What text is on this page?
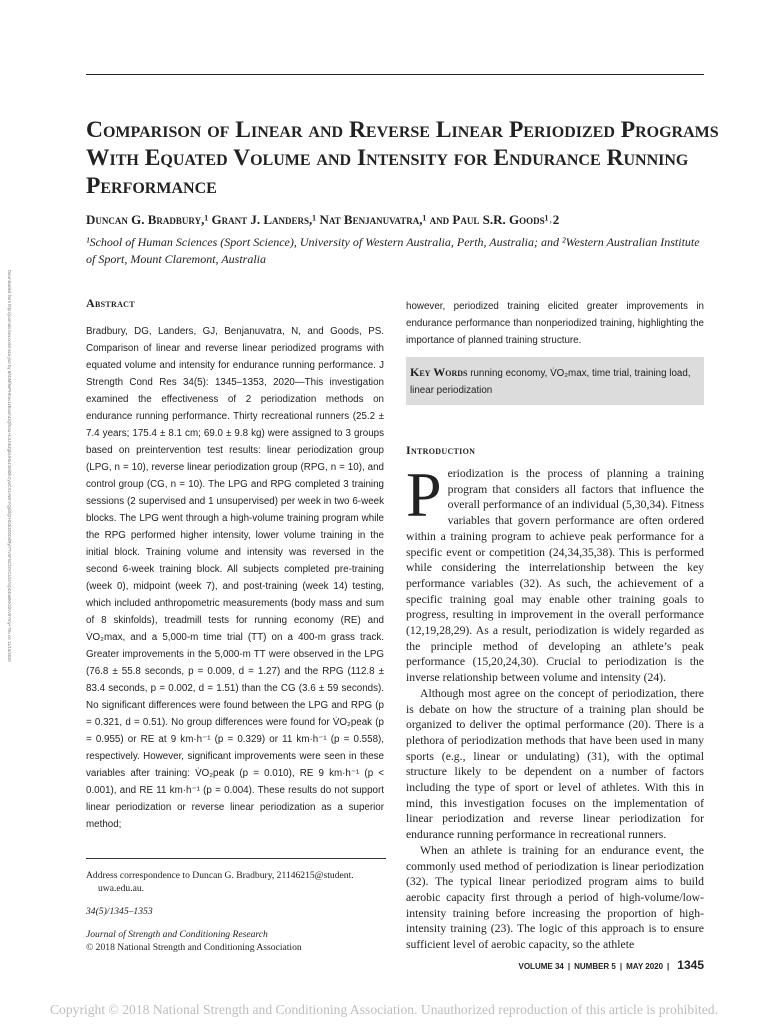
Comparison of Linear and Reverse Linear Periodized Programs With Equated Volume and Intensity for Endurance Running Performance
Duncan G. Bradbury,¹ Grant J. Landers,¹ Nat Benjanuvatra,¹ and Paul S.R. Goods¹˒2
¹School of Human Sciences (Sport Science), University of Western Australia, Perth, Australia; and ²Western Australian Institute of Sport, Mount Claremont, Australia
Downloaded from http://journals.lww.com/nsca-jscr by BhDMf5ePHKav1zEoum1tQfN4a+kJLhEZgbsIHo4XMi0hCywCX1AWnYQp/IlQrHD3i3D0OdRyi7TvSFl4Cf3VC4/OAVpDDa8KKGKV0Ymy+78= on 11/15/2020	Abstract

Bradbury, DG, Landers, GJ, Benjanuvatra, N, and Goods, PS. Comparison of linear and reverse linear periodized programs with equated volume and intensity for endurance running performance. J Strength Cond Res 34(5): 1345–1353, 2020—This investigation examined the effectiveness of 2 periodization methods on endurance running performance. Thirty recreational runners (25.2 ± 7.4 years; 175.4 ± 8.1 cm; 69.0 ± 9.8 kg) were assigned to 3 groups based on preintervention test results: linear periodization group (LPG, n = 10), reverse linear periodization group (RPG, n = 10), and control group (CG, n = 10). The LPG and RPG completed 3 training sessions (2 supervised and 1 unsupervised) per week in two 6-week blocks. The LPG went through a high-volume training program while the RPG performed higher intensity, lower volume training in the initial block. Training volume and intensity was reversed in the second 6-week training block. All subjects completed pre-training (week 0), midpoint (week 7), and post-training (week 14) testing, which included anthropometric measurements (body mass and sum of 8 skinfolds), treadmill tests for running economy (RE) and V̇O₂max, and a 5,000-m time trial (TT) on a 400-m grass track. Greater improvements in the 5,000-m TT were observed in the LPG (76.8 ± 55.8 seconds, p = 0.009, d = 1.27) and the RPG (112.8 ± 83.4 seconds, p = 0.002, d = 1.51) than the CG (3.6 ± 59 seconds). No significant differences were found between the LPG and RPG (p = 0.321, d = 0.51). No group differences were found for V̇O₂peak (p = 0.955) or RE at 9 km·h⁻¹ (p = 0.329) or 11 km·h⁻¹ (p = 0.558), respectively. However, significant improvements were seen in these variables after training: V̇O₂peak (p = 0.010), RE 9 km·h⁻¹ (p < 0.001), and RE 11 km·h⁻¹ (p = 0.004). These results do not support linear periodization or reverse linear periodization as a superior method;

however, periodized training elicited greater improvements in endurance performance than nonperiodized training, highlighting the importance of planned training structure.

Key Words running economy, V̇O₂max, time trial, training load, linear periodization
Introduction

Periodization is the process of planning a training program that considers all factors that influence the overall performance of an individual (5,30,34). Fitness variables that govern performance are often ordered within a training program to achieve peak performance for a specific event or competition (24,34,35,38). This is performed while considering the interrelationship between the key performance variables (32). As such, the achievement of a specific training goal may enable other training goals to progress, resulting in improvement in the overall performance (12,19,28,29). As a result, periodization is widely regarded as the principle method of developing an athlete’s peak performance (15,20,24,30). Crucial to periodization is the inverse relationship between volume and intensity (24).

Although most agree on the concept of periodization, there is debate on how the structure of a training plan should be organized to deliver the optimal performance (20). There is a plethora of periodization methods that have been used in many sports (e.g., linear or undulating) (31), with the optimal structure likely to be dependent on a number of factors including the type of sport or level of athletes. With this in mind, this investigation focuses on the implementation of linear periodization and reverse linear periodization for endurance running performance in recreational runners.

When an athlete is training for an endurance event, the commonly used method of periodization is linear periodization (32). The typical linear periodized program aims to build aerobic capacity first through a period of high-volume/low-intensity training before increasing the proportion of high-intensity training (23). The logic of this approach is to ensure sufficient level of aerobic capacity, so the athlete

Address correspondence to Duncan G. Bradbury, 21146215@student.
uwa.edu.au.
34(5)/1345–1353
Journal of Strength and Conditioning Research
© 2018 National Strength and Conditioning Association
VOLUME 34 | NUMBER 5 | MAY 2020 | 1345
Copyright © 2018 National Strength and Conditioning Association. Unauthorized reproduction of this article is prohibited.
